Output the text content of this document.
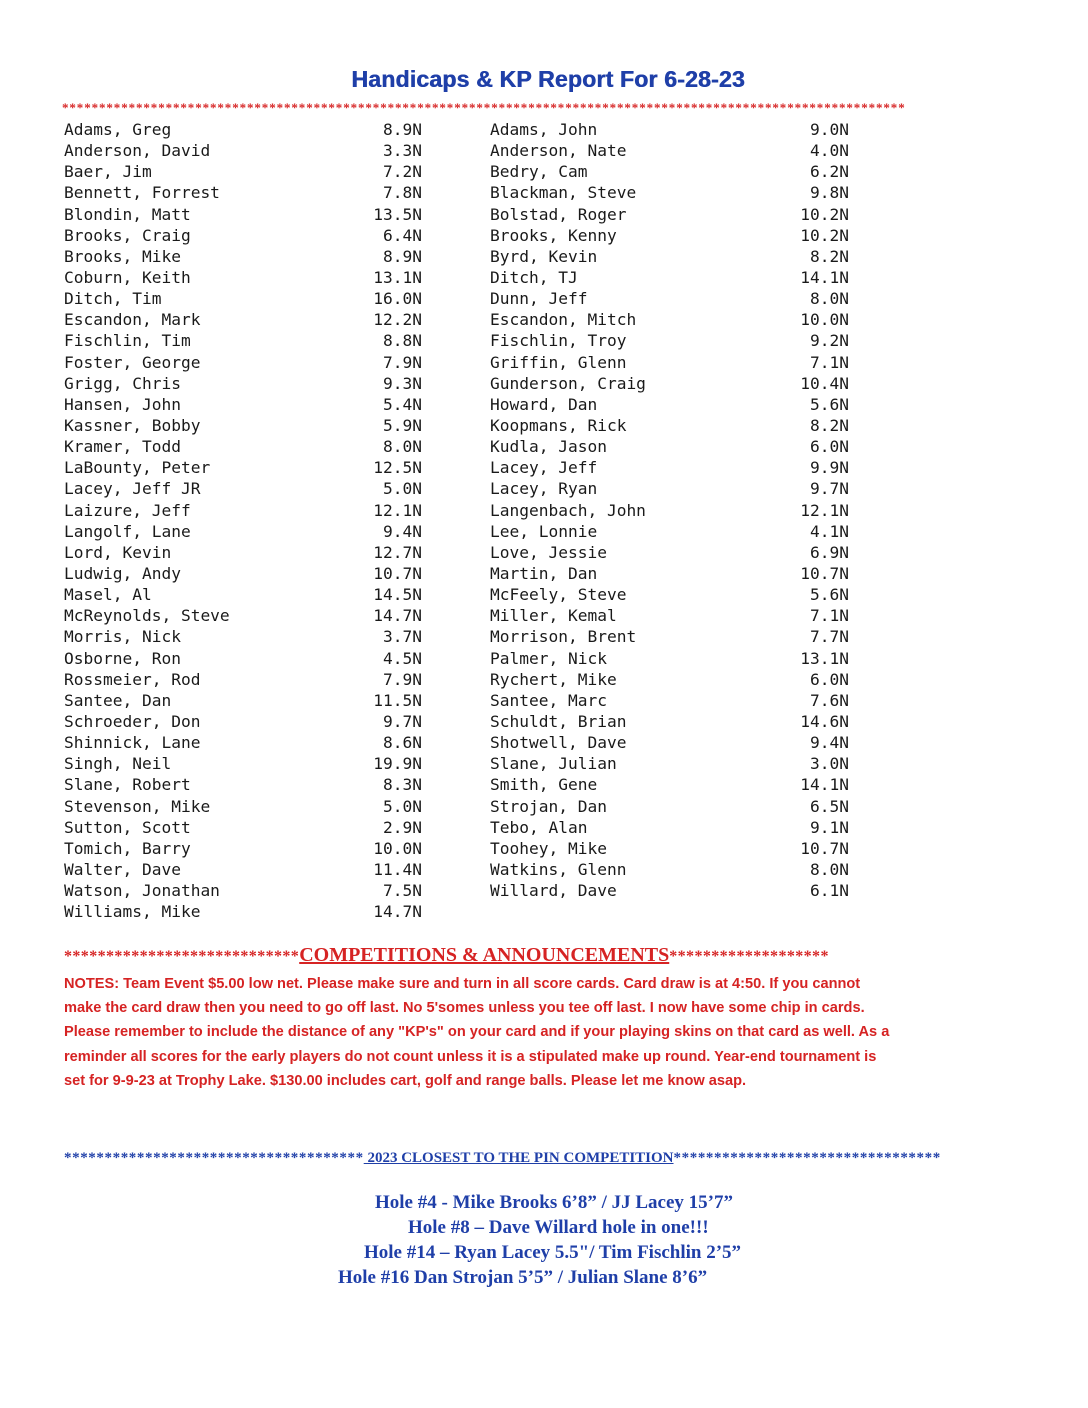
Handicaps & KP Report For 6-28-23
******************************************************************************************************************
Adams, Greg	8.9N
Anderson, David	3.3N
Baer, Jim	7.2N
Bennett, Forrest	7.8N
Blondin, Matt	13.5N
Brooks, Craig	6.4N
Brooks, Mike	8.9N
Coburn, Keith	13.1N
Ditch, Tim	16.0N
Escandon, Mark	12.2N
Fischlin, Tim	8.8N
Foster, George	7.9N
Grigg, Chris	9.3N
Hansen, John	5.4N
Kassner, Bobby	5.9N
Kramer, Todd	8.0N
LaBounty, Peter	12.5N
Lacey, Jeff JR	5.0N
Laizure, Jeff	12.1N
Langolf, Lane	9.4N
Lord, Kevin	12.7N
Ludwig, Andy	10.7N
Masel, Al	14.5N
McReynolds, Steve	14.7N
Morris, Nick	3.7N
Osborne, Ron	4.5N
Rossmeier, Rod	7.9N
Santee, Dan	11.5N
Schroeder, Don	9.7N
Shinnick, Lane	8.6N
Singh, Neil	19.9N
Slane, Robert	8.3N
Stevenson, Mike	5.0N
Sutton, Scott	2.9N
Tomich, Barry	10.0N
Walter, Dave	11.4N
Watson, Jonathan	7.5N
Williams, Mike	14.7N
Adams, John	9.0N
Anderson, Nate	4.0N
Bedry, Cam	6.2N
Blackman, Steve	9.8N
Bolstad, Roger	10.2N
Brooks, Kenny	10.2N
Byrd, Kevin	8.2N
Ditch, TJ	14.1N
Dunn, Jeff	8.0N
Escandon, Mitch	10.0N
Fischlin, Troy	9.2N
Griffin, Glenn	7.1N
Gunderson, Craig	10.4N
Howard, Dan	5.6N
Koopmans, Rick	8.2N
Kudla, Jason	6.0N
Lacey, Jeff	9.9N
Lacey, Ryan	9.7N
Langenbach, John	12.1N
Lee, Lonnie	4.1N
Love, Jessie	6.9N
Martin, Dan	10.7N
McFeely, Steve	5.6N
Miller, Kemal	7.1N
Morrison, Brent	7.7N
Palmer, Nick	13.1N
Rychert, Mike	6.0N
Santee, Marc	7.6N
Schuldt, Brian	14.6N
Shotwell, Dave	9.4N
Slane, Julian	3.0N
Smith, Gene	14.1N
Strojan, Dan	6.5N
Tebo, Alan	9.1N
Toohey, Mike	10.7N
Watkins, Glenn	8.0N
Willard, Dave	6.1N
****************************COMPETITIONS & ANNOUNCEMENTS*******************
NOTES: Team Event $5.00 low net. Please make sure and turn in all score cards. Card draw is at 4:50. If you cannot
make the card draw then you need to go off last. No 5'somes unless you tee off last. I now have some chip in cards.
Please remember to include the distance of any "KP's" on your card and if your playing skins on that card as well. As a
reminder all scores for the early players do not count unless it is a stipulated make up round. Year-end tournament is
set for 9-9-23 at Trophy Lake. $130.00 includes cart, golf and range balls. Please let me know asap.
************************************* 2023 CLOSEST TO THE PIN COMPETITION*********************************
Hole #4 - Mike Brooks 6’8” / JJ Lacey 15’7”
Hole #8 – Dave Willard hole in one!!!
Hole #14 – Ryan Lacey 5.5"/ Tim Fischlin 2’5”
Hole #16 Dan Strojan 5’5” / Julian Slane 8’6”
